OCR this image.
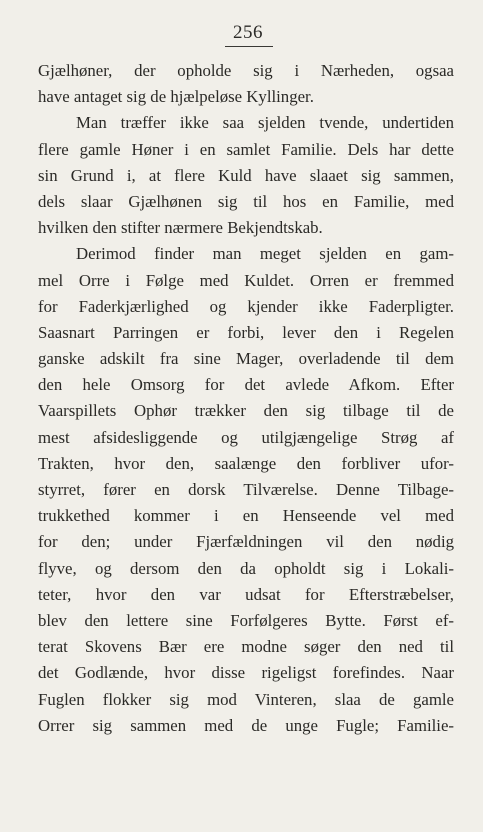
256
Gjælhøner, der opholde sig i Nærheden, ogsaa
have antaget sig de hjælpeløse Kyllinger.
Man træffer ikke saa sjelden tvende, undertiden
flere gamle Høner i en samlet Familie. Dels har dette
sin Grund i, at flere Kuld have slaaet sig sammen,
dels slaar Gjælhønen sig til hos en Familie, med
hvilken den stifter nærmere Bekjendtskab.
Derimod finder man meget sjelden en gam-
mel Orre i Følge med Kuldet. Orren er fremmed
for Faderkjærlighed og kjender ikke Faderpligter.
Saasnart Parringen er forbi, lever den i Regelen
ganske adskilt fra sine Mager, overladende til dem
den hele Omsorg for det avlede Afkom. Efter
Vaarspillets Ophør trækker den sig tilbage til de
mest afsidesliggende og utilgjængelige Strøg af
Trakten, hvor den, saalænge den forbliver ufor-
styrret, fører en dorsk Tilværelse. Denne Tilbage-
trukkethed kommer i en Henseende vel med
for den; under Fjærfældningen vil den nødig
flyve, og dersom den da opholdt sig i Lokali-
teter, hvor den var udsat for Efterstræbelser,
blev den lettere sine Forfølgeres Bytte. Først ef-
terat Skovens Bær ere modne søger den ned til
det Godlænde, hvor disse rigeligst forefindes. Naar
Fuglen flokker sig mod Vinteren, slaa de gamle
Orrer sig sammen med de unge Fugle; Familie-
